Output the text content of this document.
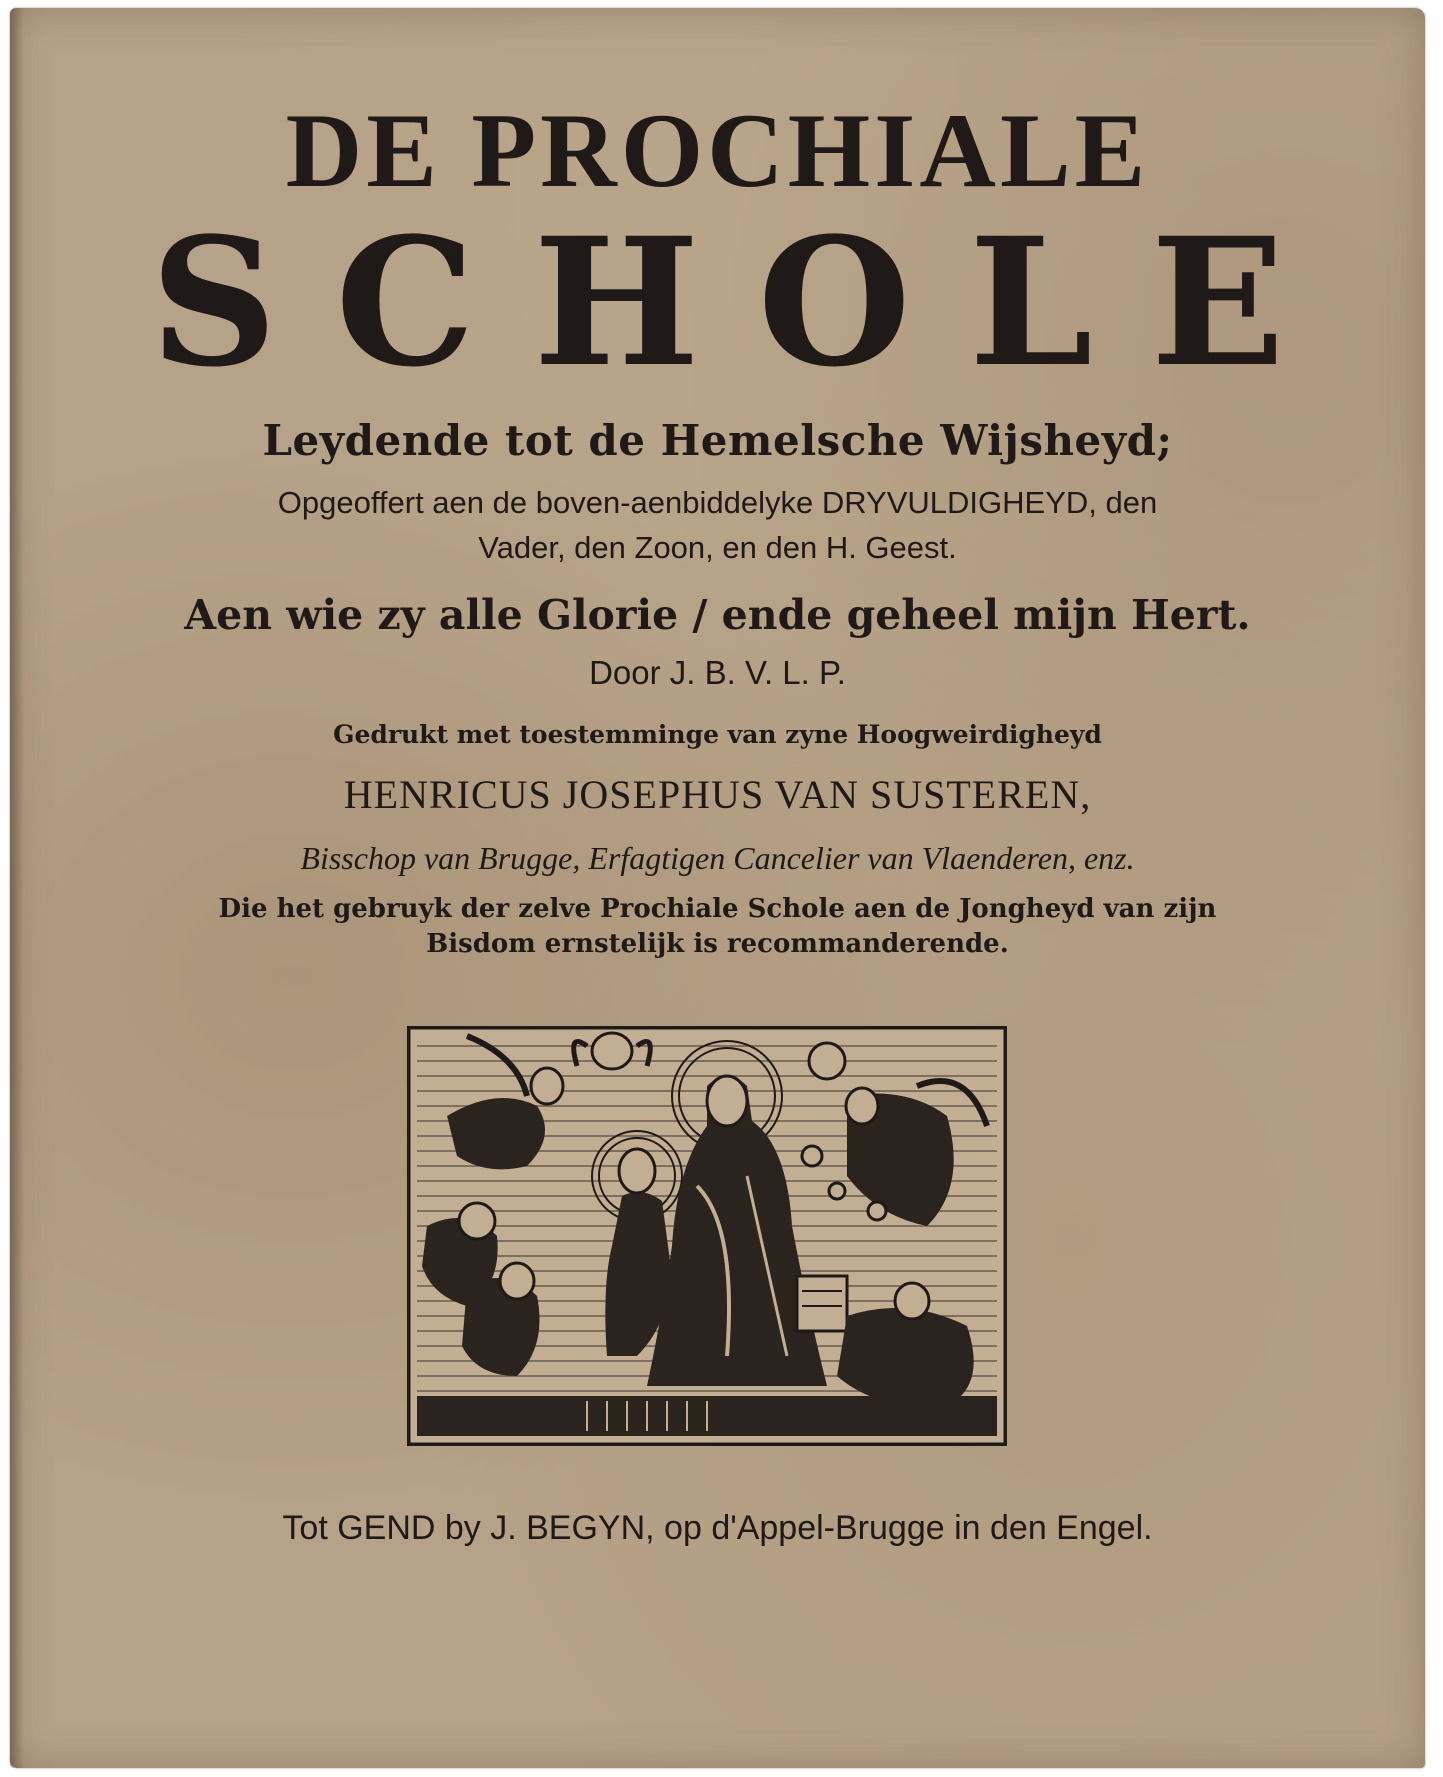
DE PROCHIALE
SCHOLE
Leydende tot de Hemelsche Wijsheyd;
Opgeoffert aen de boven-aenbiddelyke DRYVULDIGHEYD, den
Vader, den Zoon, en den H. Geest.
Aen wie zy alle Glorie / ende geheel mijn Hert.
Door J. B. V. L. P.
Gedrukt met toestemminge van zyne Hoogweirdigheyd
HENRICUS JOSEPHUS VAN SUSTEREN,
Bisschop van Brugge, Erfagtigen Cancelier van Vlaenderen, enz.
Die het gebruyk der zelve Prochiale Schole aen de Jongheyd van zijn
Bisdom ernstelijk is recommanderende.
Tot GEND by J. BEGYN, op d'Appel-Brugge in den Engel.
